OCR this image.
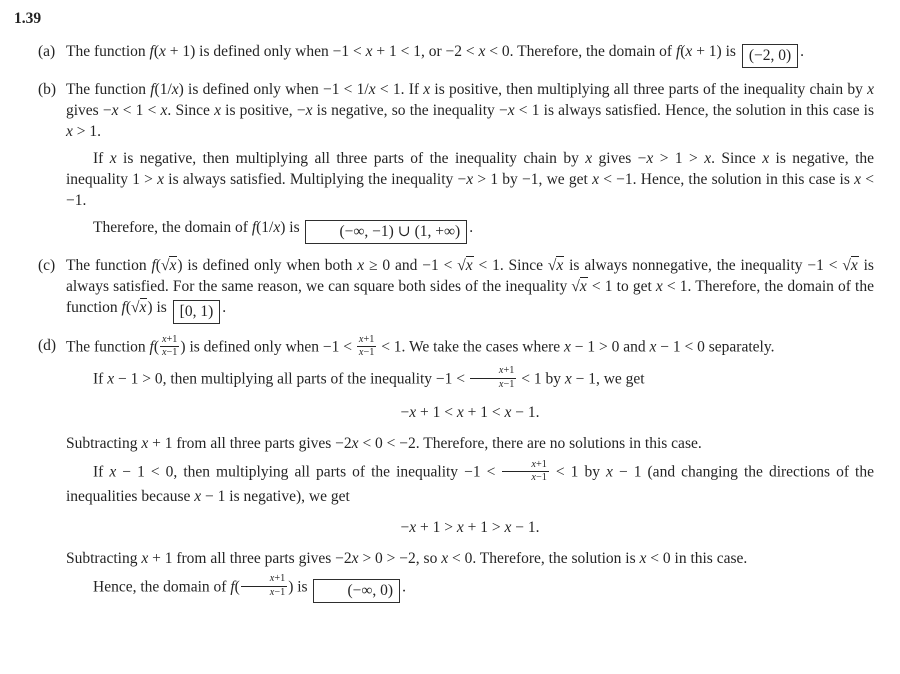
1.39
(a) The function f(x + 1) is defined only when −1 < x + 1 < 1, or −2 < x < 0. Therefore, the domain of f(x + 1) is (−2, 0) .

(b) The function f(1/x) is defined only when −1 < 1/x < 1. If x is positive, then multiplying all three parts of the inequality chain by x gives −x < 1 < x. Since x is positive, −x is negative, so the inequality −x < 1 is always satisfied. Hence, the solution in this case is x > 1.

If x is negative, then multiplying all three parts of the inequality chain by x gives −x > 1 > x. Since x is negative, the inequality 1 > x is always satisfied. Multiplying the inequality −x > 1 by −1, we get x < −1. Hence, the solution in this case is x < −1.

Therefore, the domain of f(1/x) is (−∞, −1) ∪ (1, +∞) .

(c) The function f(√x) is defined only when both x ≥ 0 and −1 < √x < 1. Since √x is always nonnegative, the inequality −1 < √x is always satisfied. For the same reason, we can square both sides of the inequality √x < 1 to get x < 1. Therefore, the domain of the function f(√x) is [0, 1) .

(d) The function $f( \frac{x+1}{x-1}$ ) is defined only when $-1 < \frac{x+1}{x-1} < 1$. We take the cases where x − 1 > 0 and x − 1 < 0 separately.

If x − 1 > 0, then multiplying all parts of the inequality $-1 < \frac{x+1}{x-1} < 1$ by x − 1, we get

−x + 1 < x + 1 < x − 1.

Subtracting x + 1 from all three parts gives −2x < 0 < −2. Therefore, there are no solutions in this case.

If x − 1 < 0, then multiplying all parts of the inequality $-1 < \frac{x+1}{x-1} < 1$ by x − 1 (and changing the directions of the inequalities because x − 1 is negative), we get

−x + 1 > x + 1 > x − 1.

Subtracting x + 1 from all three parts gives −2x > 0 > −2, so x < 0. Therefore, the solution is x < 0 in this case.

Hence, the domain of $f( \frac{x+1}{x-1}$ ) is (−∞, 0) .
